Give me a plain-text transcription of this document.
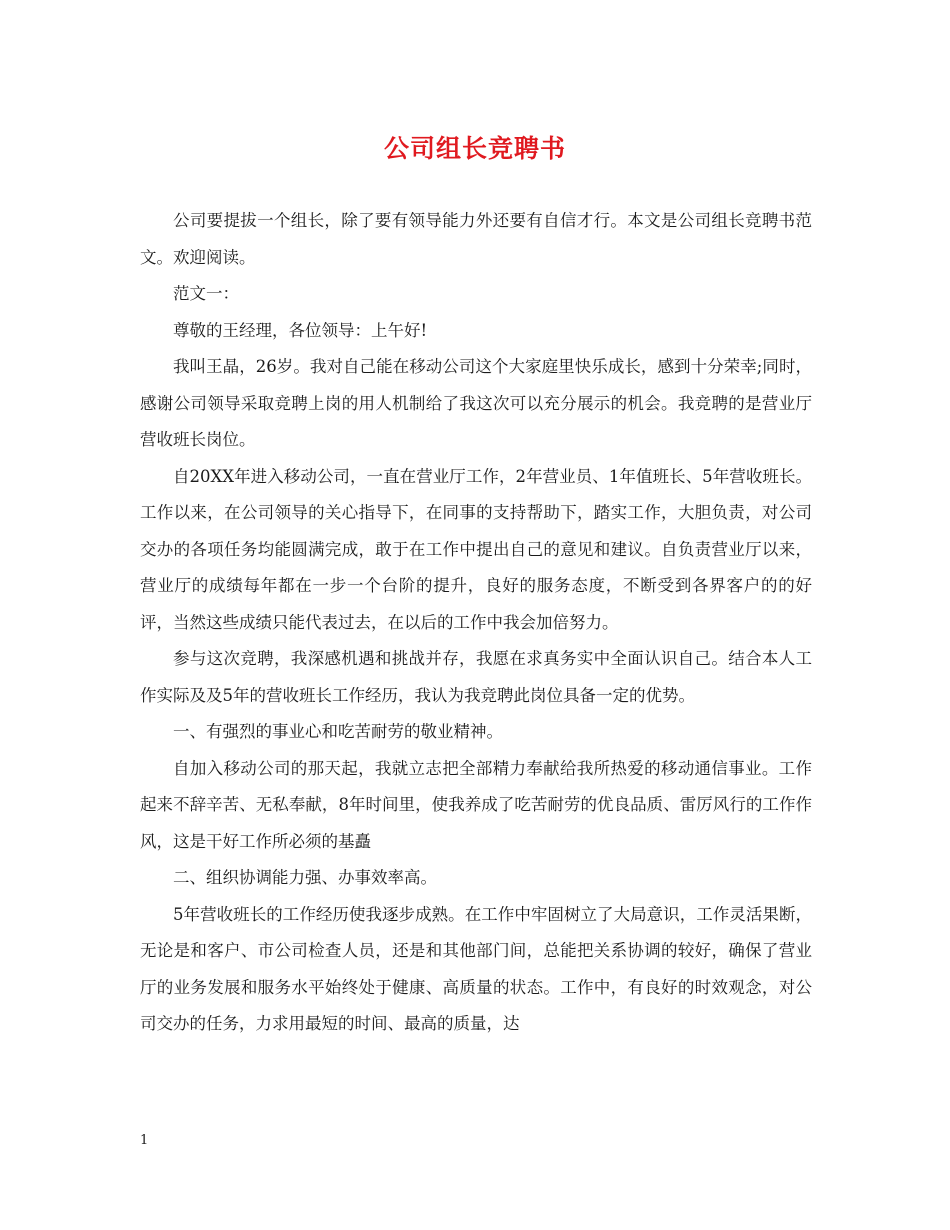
公司组长竞聘书

公司要提拔一个组长，除了要有领导能力外还要有自信才行。本文是公司组长竞聘书范文。欢迎阅读。

范文一：

尊敬的王经理，各位领导：上午好!

我叫王晶，26岁。我对自己能在移动公司这个大家庭里快乐成长，感到十分荣幸;同时，感谢公司领导采取竞聘上岗的用人机制给了我这次可以充分展示的机会。我竞聘的是营业厅营收班长岗位。

自20XX年进入移动公司，一直在营业厅工作，2年营业员、1年值班长、5年营收班长。工作以来，在公司领导的关心指导下，在同事的支持帮助下，踏实工作，大胆负责，对公司交办的各项任务均能圆满完成，敢于在工作中提出自己的意见和建议。自负责营业厅以来，营业厅的成绩每年都在一步一个台阶的提升，良好的服务态度，不断受到各界客户的的好评，当然这些成绩只能代表过去，在以后的工作中我会加倍努力。

参与这次竞聘，我深感机遇和挑战并存，我愿在求真务实中全面认识自己。结合本人工作实际及及5年的营收班长工作经历，我认为我竞聘此岗位具备一定的优势。

一、有强烈的事业心和吃苦耐劳的敬业精神。

自加入移动公司的那天起，我就立志把全部精力奉献给我所热爱的移动通信事业。工作起来不辞辛苦、无私奉献，8年时间里，使我养成了吃苦耐劳的优良品质、雷厉风行的工作作风，这是干好工作所必须的基矗

二、组织协调能力强、办事效率高。

5年营收班长的工作经历使我逐步成熟。在工作中牢固树立了大局意识，工作灵活果断，无论是和客户、市公司检查人员，还是和其他部门间，总能把关系协调的较好，确保了营业厅的业务发展和服务水平始终处于健康、高质量的状态。工作中，有良好的时效观念，对公司交办的任务，力求用最短的时间、最高的质量，达

1
